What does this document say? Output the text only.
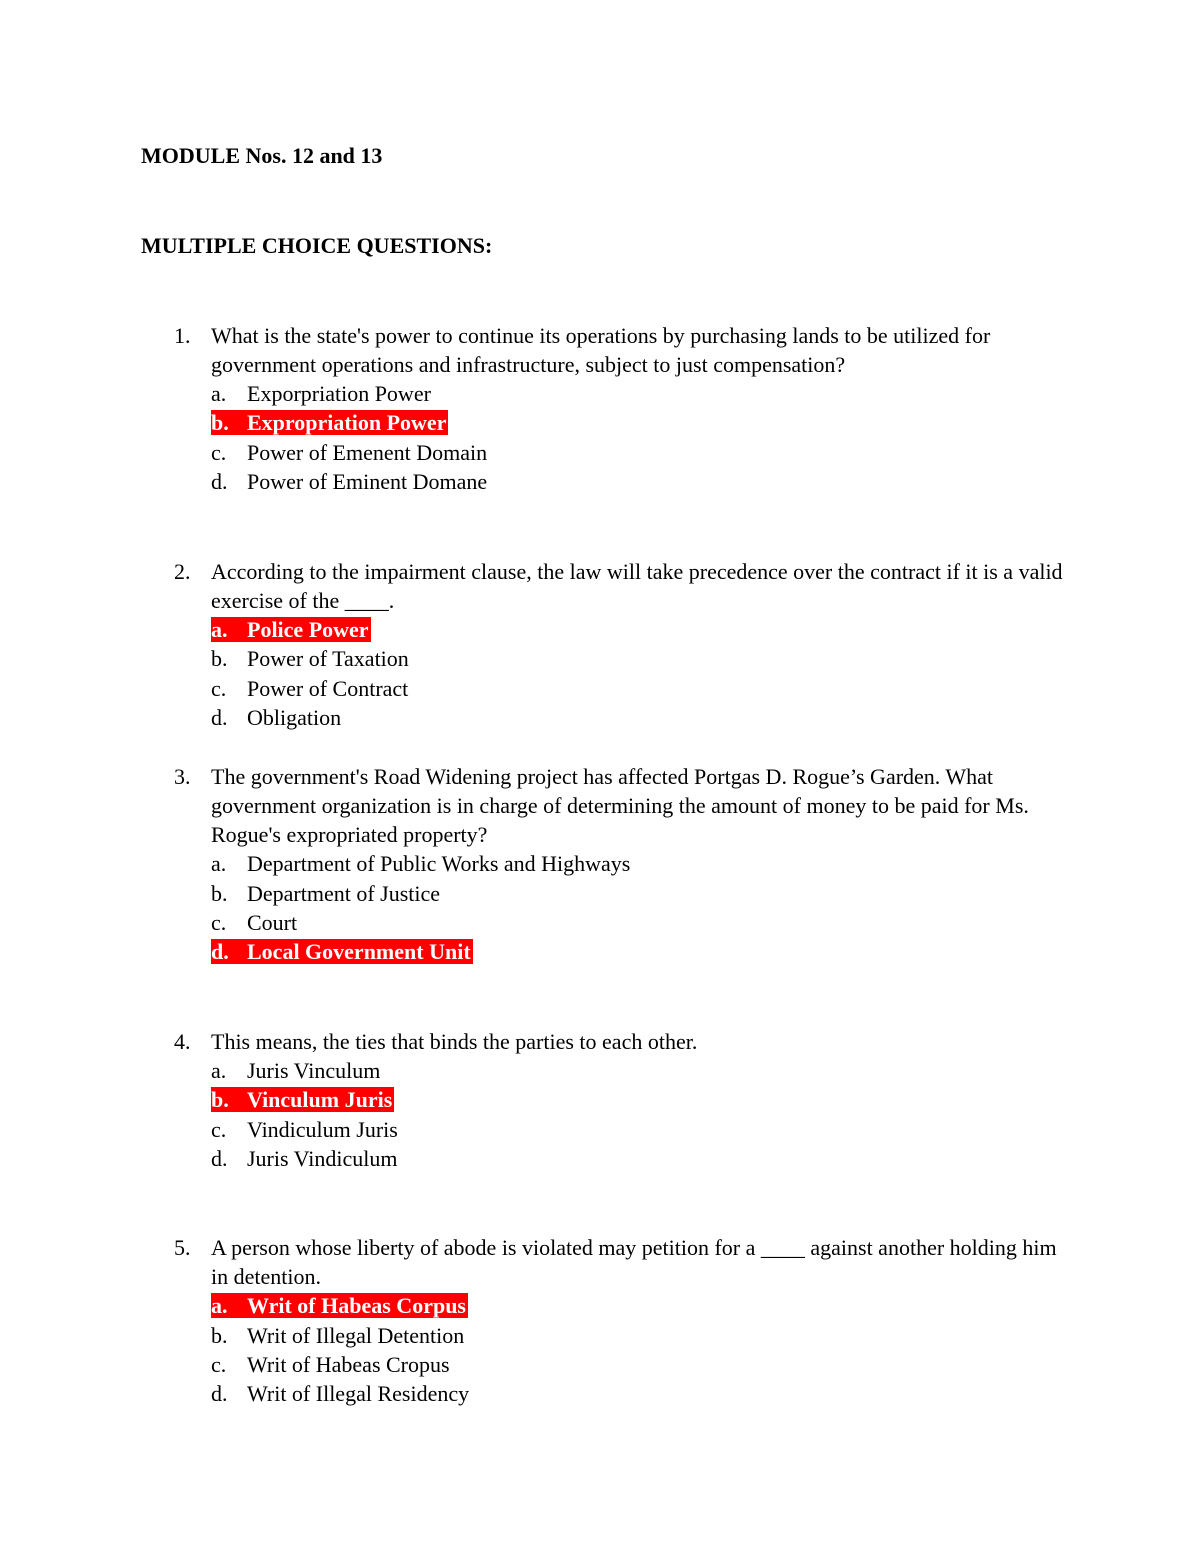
MODULE Nos. 12 and 13
MULTIPLE CHOICE QUESTIONS:
1. What is the state's power to continue its operations by purchasing lands to be utilized for government operations and infrastructure, subject to just compensation?
a. Exporpriation Power
b. Expropriation Power
c. Power of Emenent Domain
d. Power of Eminent Domane
2. According to the impairment clause, the law will take precedence over the contract if it is a valid exercise of the ____.
a. Police Power
b. Power of Taxation
c. Power of Contract
d. Obligation
3. The government's Road Widening project has affected Portgas D. Rogue’s Garden. What government organization is in charge of determining the amount of money to be paid for Ms. Rogue's expropriated property?
a. Department of Public Works and Highways
b. Department of Justice
c. Court
d. Local Government Unit
4. This means, the ties that binds the parties to each other.
a. Juris Vinculum
b. Vinculum Juris
c. Vindiculum Juris
d. Juris Vindiculum
5. A person whose liberty of abode is violated may petition for a ____ against another holding him in detention.
a. Writ of Habeas Corpus
b. Writ of Illegal Detention
c. Writ of Habeas Cropus
d. Writ of Illegal Residency
